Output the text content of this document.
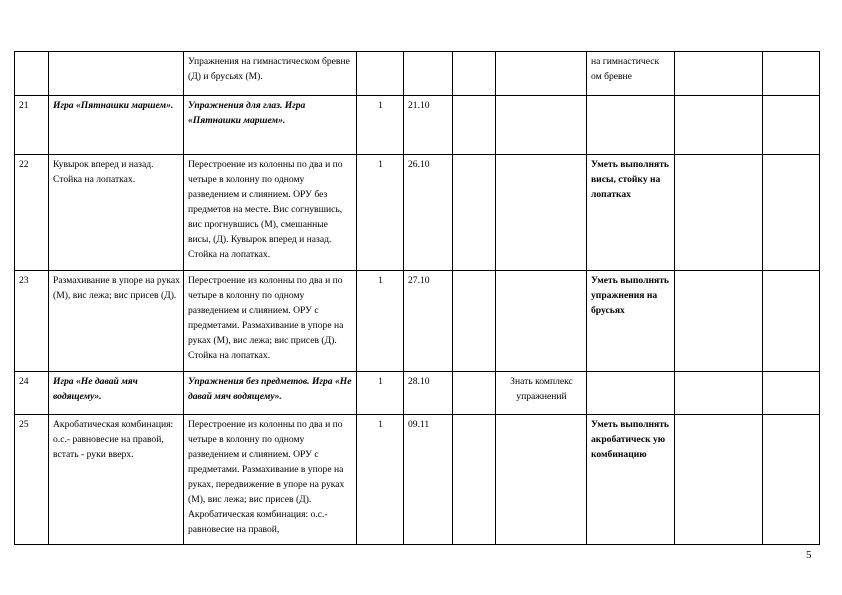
		Упражнения на гимнастическом бревне (Д) и брусьях (М).					на гимнастическ ом бревне		
21	Игра «Пятнашки маршем».	Упражнения для глаз. Игра «Пятнашки маршем».	1	21.10					
22	Кувырок вперед и назад. Стойка на лопатках.	Перестроение из колонны по два и по четыре в колонну по одному разведением и слиянием. ОРУ без предметов на месте. Вис согнувшись, вис прогнувшись (М), смешанные висы, (Д). Кувырок вперед и назад. Стойка на лопатках.	1	26.10			Уметь выполнять висы, стойку на лопатках		
23	Размахивание в упоре на руках (М), вис лежа; вис присев (Д).	Перестроение из колонны по два и по четыре в колонну по одному разведением и слиянием. ОРУ с предметами. Размахивание в упоре на руках (М), вис лежа; вис присев (Д). Стойка на лопатках.	1	27.10			Уметь выполнять упражнения на брусьях		
24	Игра «Не давай мяч водящему».	Упражнения без предметов. Игра «Не давай мяч водящему».	1	28.10		Знать комплекс упражнений			
25	Акробатическая комбинация: о.с.- равновесие на правой, встать - руки вверх.	Перестроение из колонны по два и по четыре в колонну по одному разведением и слиянием. ОРУ с предметами. Размахивание в упоре на руках, передвижение в упоре на руках (М), вис лежа; вис присев (Д). Акробатическая комбинация: о.с.- равновесие на правой,	1	09.11			Уметь выполнять акробатическ ую комбинацию		
5
